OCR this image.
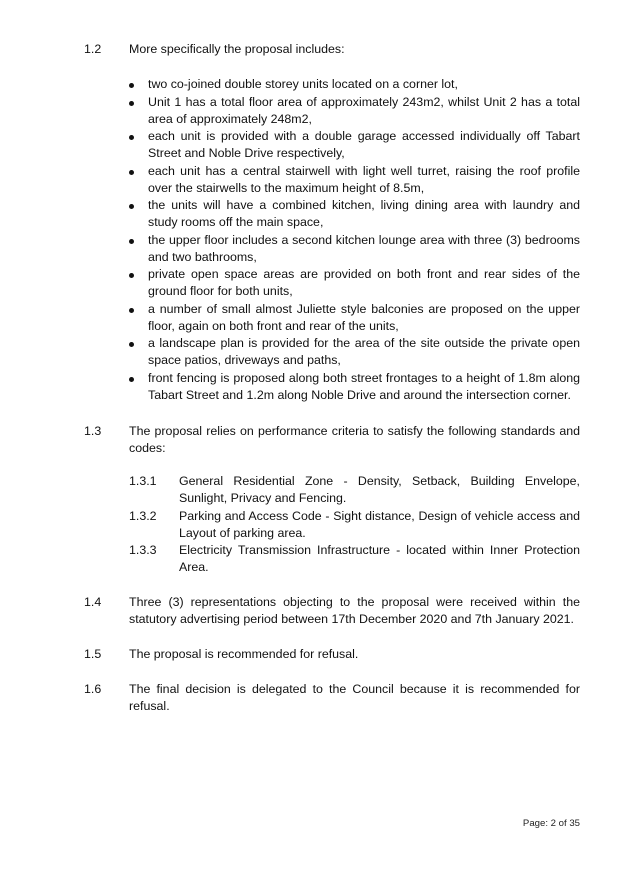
1.2	More specifically the proposal includes:
two co-joined double storey units located on a corner lot,
Unit 1 has a total floor area of approximately 243m2, whilst Unit 2 has a total area of approximately 248m2,
each unit is provided with a double garage accessed individually off Tabart Street and Noble Drive respectively,
each unit has a central stairwell with light well turret, raising the roof profile over the stairwells to the maximum height of 8.5m,
the units will have a combined kitchen, living dining area with laundry and study rooms off the main space,
the upper floor includes a second kitchen lounge area with three (3) bedrooms and two bathrooms,
private open space areas are provided on both front and rear sides of the ground floor for both units,
a number of small almost Juliette style balconies are proposed on the upper floor, again on both front and rear of the units,
a landscape plan is provided for the area of the site outside the private open space patios, driveways and paths,
front fencing is proposed along both street frontages to a height of 1.8m along Tabart Street and 1.2m along Noble Drive and around the intersection corner.
1.3	The proposal relies on performance criteria to satisfy the following standards and codes:
1.3.1 General Residential Zone - Density, Setback, Building Envelope, Sunlight, Privacy and Fencing.
1.3.2 Parking and Access Code - Sight distance, Design of vehicle access and Layout of parking area.
1.3.3 Electricity Transmission Infrastructure - located within Inner Protection Area.
1.4	Three (3) representations objecting to the proposal were received within the statutory advertising period between 17th December 2020 and 7th January 2021.
1.5	The proposal is recommended for refusal.
1.6	The final decision is delegated to the Council because it is recommended for refusal.
Page: 2 of 35
